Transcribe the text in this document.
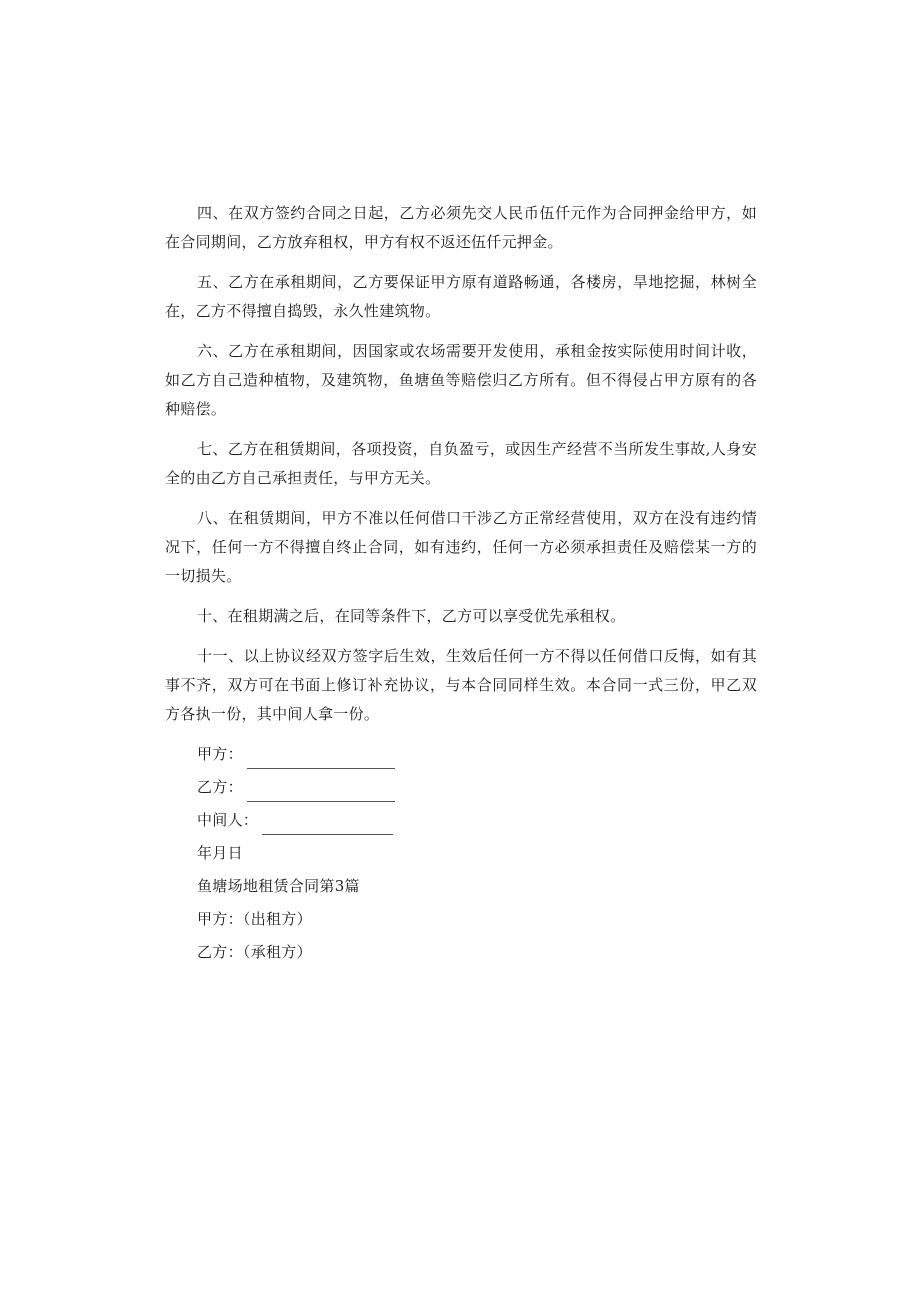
四、在双方签约合同之日起，乙方必须先交人民币伍仟元作为合同押金给甲方，如在合同期间，乙方放弃租权，甲方有权不返还伍仟元押金。

五、乙方在承租期间，乙方要保证甲方原有道路畅通，各楼房，旱地挖掘，林树全在，乙方不得擅自捣毁，永久性建筑物。

六、乙方在承租期间，因国家或农场需要开发使用，承租金按实际使用时间计收，如乙方自己造种植物，及建筑物，鱼塘鱼等赔偿归乙方所有。但不得侵占甲方原有的各种赔偿。

七、乙方在租赁期间，各项投资，自负盈亏，或因生产经营不当所发生事故,人身安全的由乙方自己承担责任，与甲方无关。

八、在租赁期间，甲方不准以任何借口干涉乙方正常经营使用，双方在没有违约情况下，任何一方不得擅自终止合同，如有违约，任何一方必须承担责任及赔偿某一方的一切损失。

十、在租期满之后，在同等条件下，乙方可以享受优先承租权。

十一、以上协议经双方签字后生效，生效后任何一方不得以任何借口反悔，如有其事不齐，双方可在书面上修订补充协议，与本合同同样生效。本合同一式三份，甲乙双方各执一份，其中间人拿一份。

甲方：
乙方：
中间人：
年月日
鱼塘场地租赁合同第3篇
甲方：（出租方）
乙方：（承租方）
